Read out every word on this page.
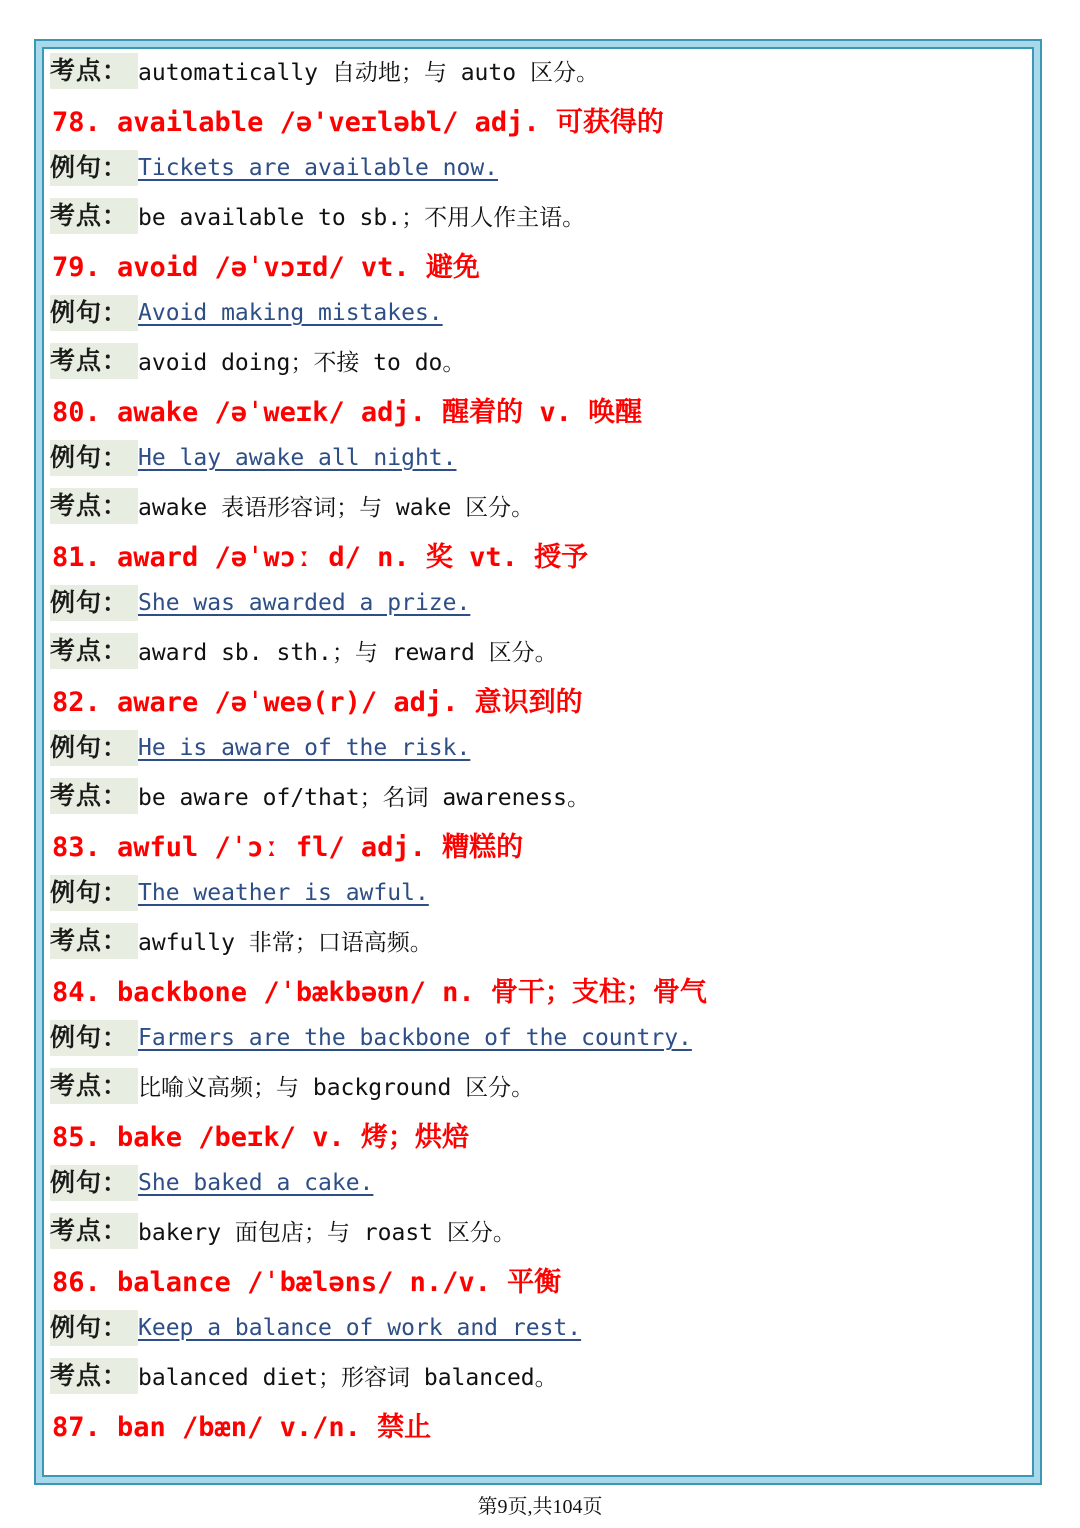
考点： automatically 自动地；与 auto 区分。
78. available /ə'veɪləbl/ adj. 可获得的
例句： Tickets are available now.
考点： be available to sb.；不用人作主语。
79. avoid /əˈvɔɪd/ vt. 避免
例句： Avoid making mistakes.
考点： avoid doing；不接 to do。
80. awake /əˈweɪk/ adj. 醒着的 v. 唤醒
例句： He lay awake all night.
考点： awake 表语形容词；与 wake 区分。
81. award /əˈwɔː d/ n. 奖 vt. 授予
例句： She was awarded a prize.
考点： award sb. sth.；与 reward 区分。
82. aware /əˈweə(r)/ adj. 意识到的
例句： He is aware of the risk.
考点： be aware of/that；名词 awareness。
83. awful /ˈɔː fl/ adj. 糟糕的
例句： The weather is awful.
考点： awfully 非常；口语高频。
84. backbone /ˈbækbəʊn/ n. 骨干；支柱；骨气
例句： Farmers are the backbone of the country.
考点： 比喻义高频；与 background 区分。
85. bake /beɪk/ v. 烤；烘焙
例句： She baked a cake.
考点： bakery 面包店；与 roast 区分。
86. balance /ˈbæləns/ n./v. 平衡
例句： Keep a balance of work and rest.
考点： balanced diet；形容词 balanced。
87. ban /bæn/ v./n. 禁止
第9页,共104页
